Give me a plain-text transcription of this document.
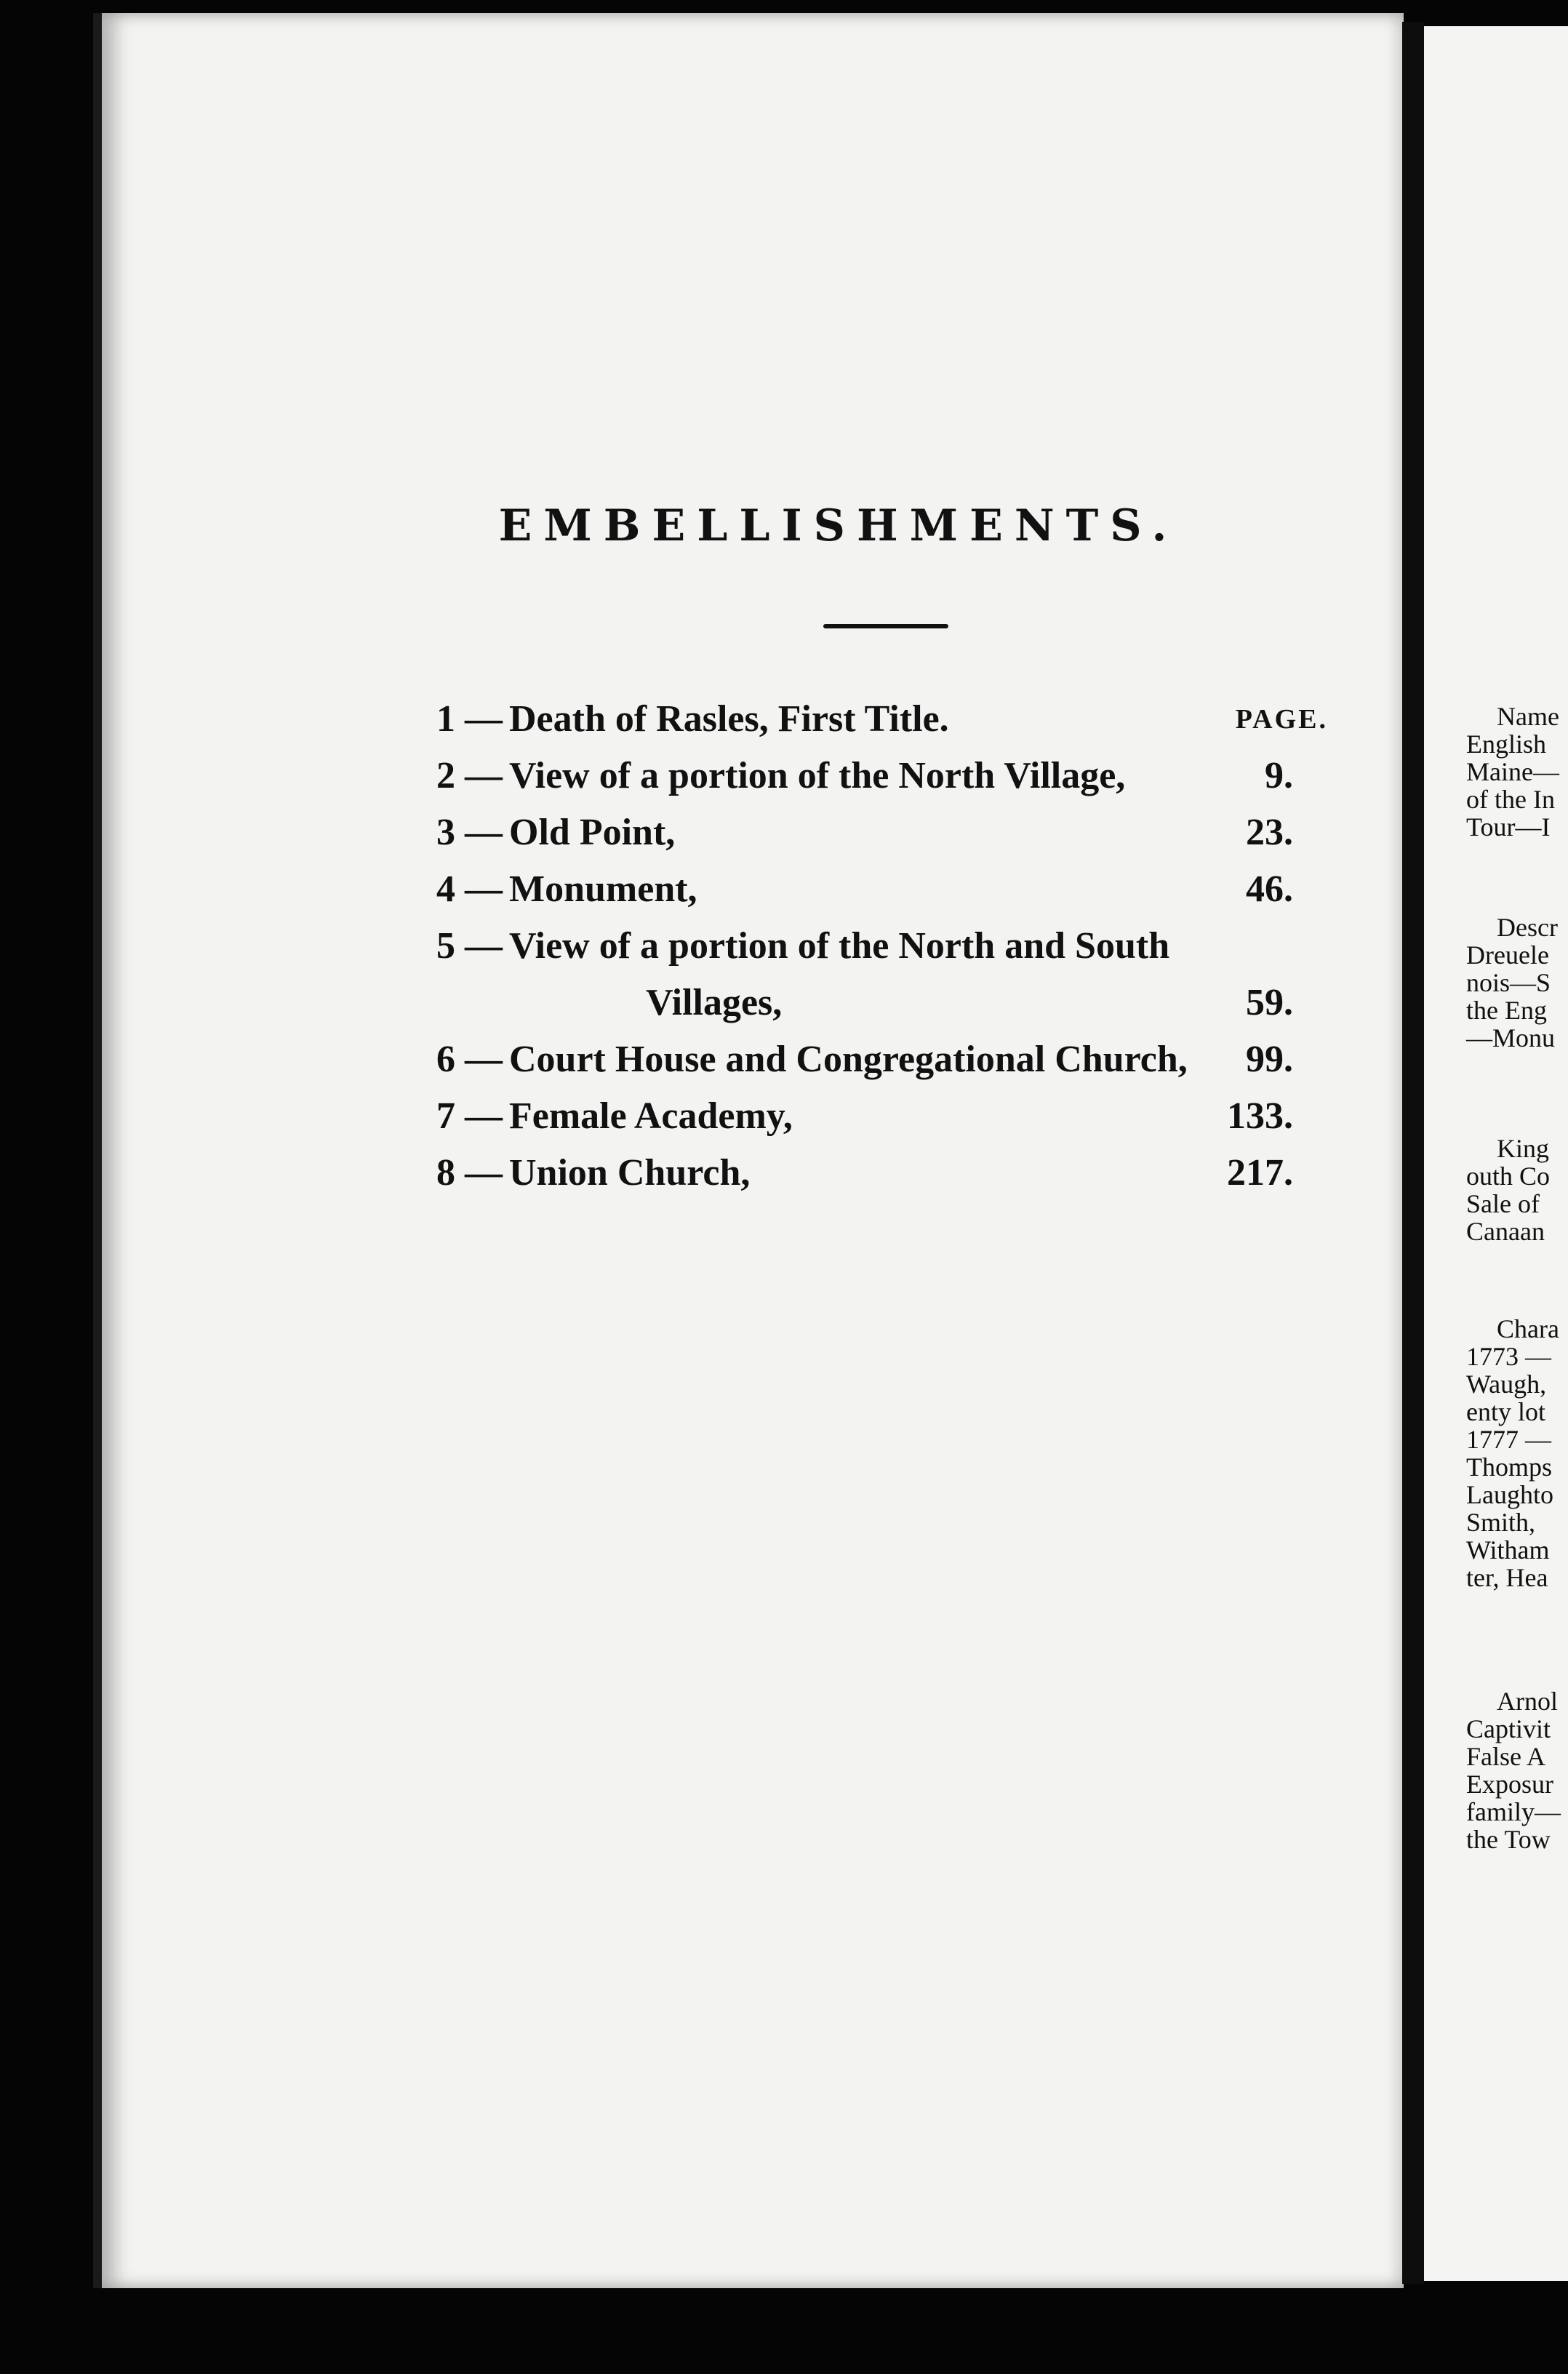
EMBELLISHMENTS.
1 — Death of Rasles, First Title.	PAGE.
2 — View of a portion of the North Village,	9.
3 — Old Point,	23.
4 — Monument,	46.
5 — View of a portion of the North and South
Villages,	59.
6 — Court House and Congregational Church, 99.
7 — Female Academy,	133.
8 — Union Church,	217.
Name
English
Maine—
of the In
Tour—I
Descr
Dreuele
nois—S
the Eng
—Monu
King
outh Co
Sale of
Canaan
Chara
1773 —
Waugh,
enty lot
1777 —
Thomps
Laughto
Smith,
Witham
ter, Hea
Arnol
Captivit
False A
Exposur
family—
the Tow
